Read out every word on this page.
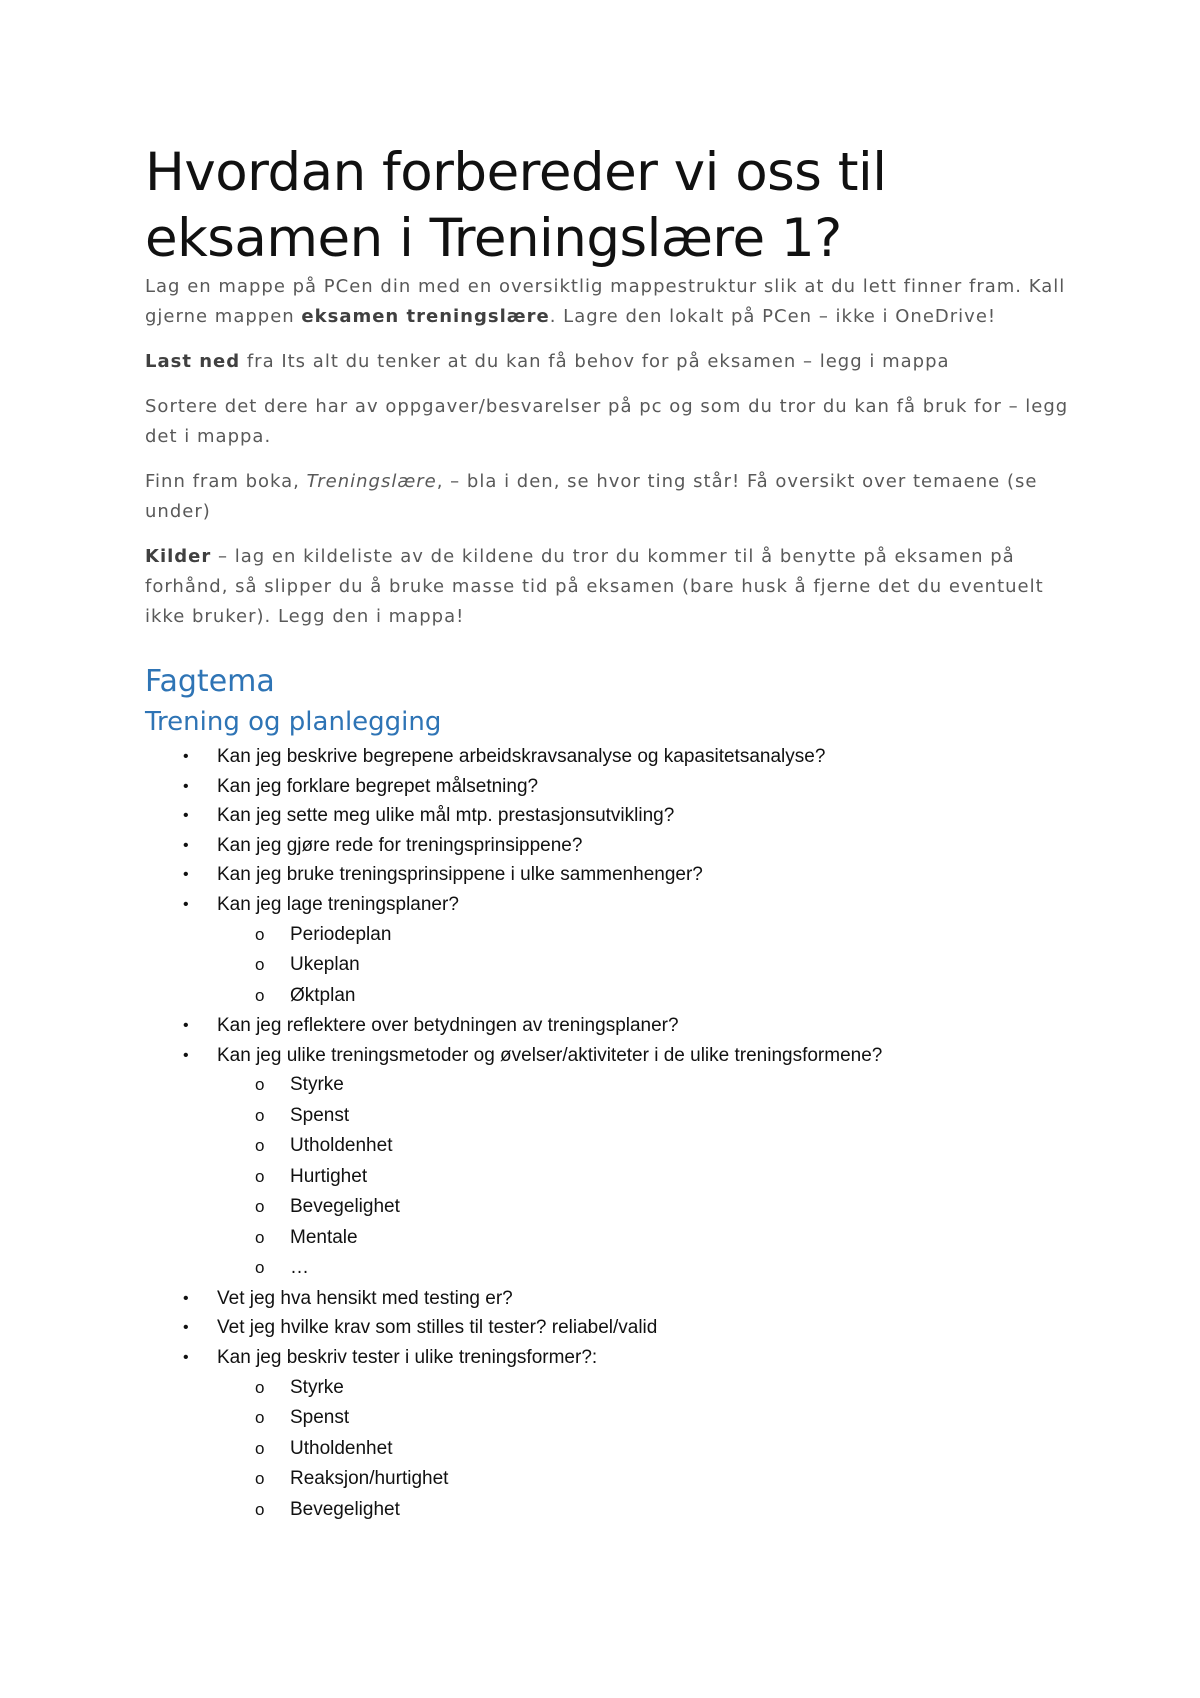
Hvordan forbereder vi oss til
eksamen i Treningslære 1?

Lag en mappe på PCen din med en oversiktlig mappestruktur slik at du lett finner fram. Kall gjerne mappen eksamen treningslære. Lagre den lokalt på PCen – ikke i OneDrive!

Last ned fra Its alt du tenker at du kan få behov for på eksamen – legg i mappa

Sortere det dere har av oppgaver/besvarelser på pc og som du tror du kan få bruk for – legg det i mappa.

Finn fram boka, Treningslære, – bla i den, se hvor ting står! Få oversikt over temaene (se under)

Kilder – lag en kildeliste av de kildene du tror du kommer til å benytte på eksamen på forhånd, så slipper du å bruke masse tid på eksamen (bare husk å fjerne det du eventuelt ikke bruker). Legg den i mappa!

Fagtema
Trening og planlegging
• Kan jeg beskrive begrepene arbeidskravsanalyse og kapasitetsanalyse?
• Kan jeg forklare begrepet målsetning?
• Kan jeg sette meg ulike mål mtp. prestasjonsutvikling?
• Kan jeg gjøre rede for treningsprinsippene?
• Kan jeg bruke treningsprinsippene i ulke sammenhenger?
• Kan jeg lage treningsplaner?
o Periodeplan
o Ukeplan
o Øktplan
• Kan jeg reflektere over betydningen av treningsplaner?
• Kan jeg ulike treningsmetoder og øvelser/aktiviteter i de ulike treningsformene?
o Styrke
o Spenst
o Utholdenhet
o Hurtighet
o Bevegelighet
o Mentale
o …
• Vet jeg hva hensikt med testing er?
• Vet jeg hvilke krav som stilles til tester? reliabel/valid
• Kan jeg beskriv tester i ulike treningsformer?:
o Styrke
o Spenst
o Utholdenhet
o Reaksjon/hurtighet
o Bevegelighet
